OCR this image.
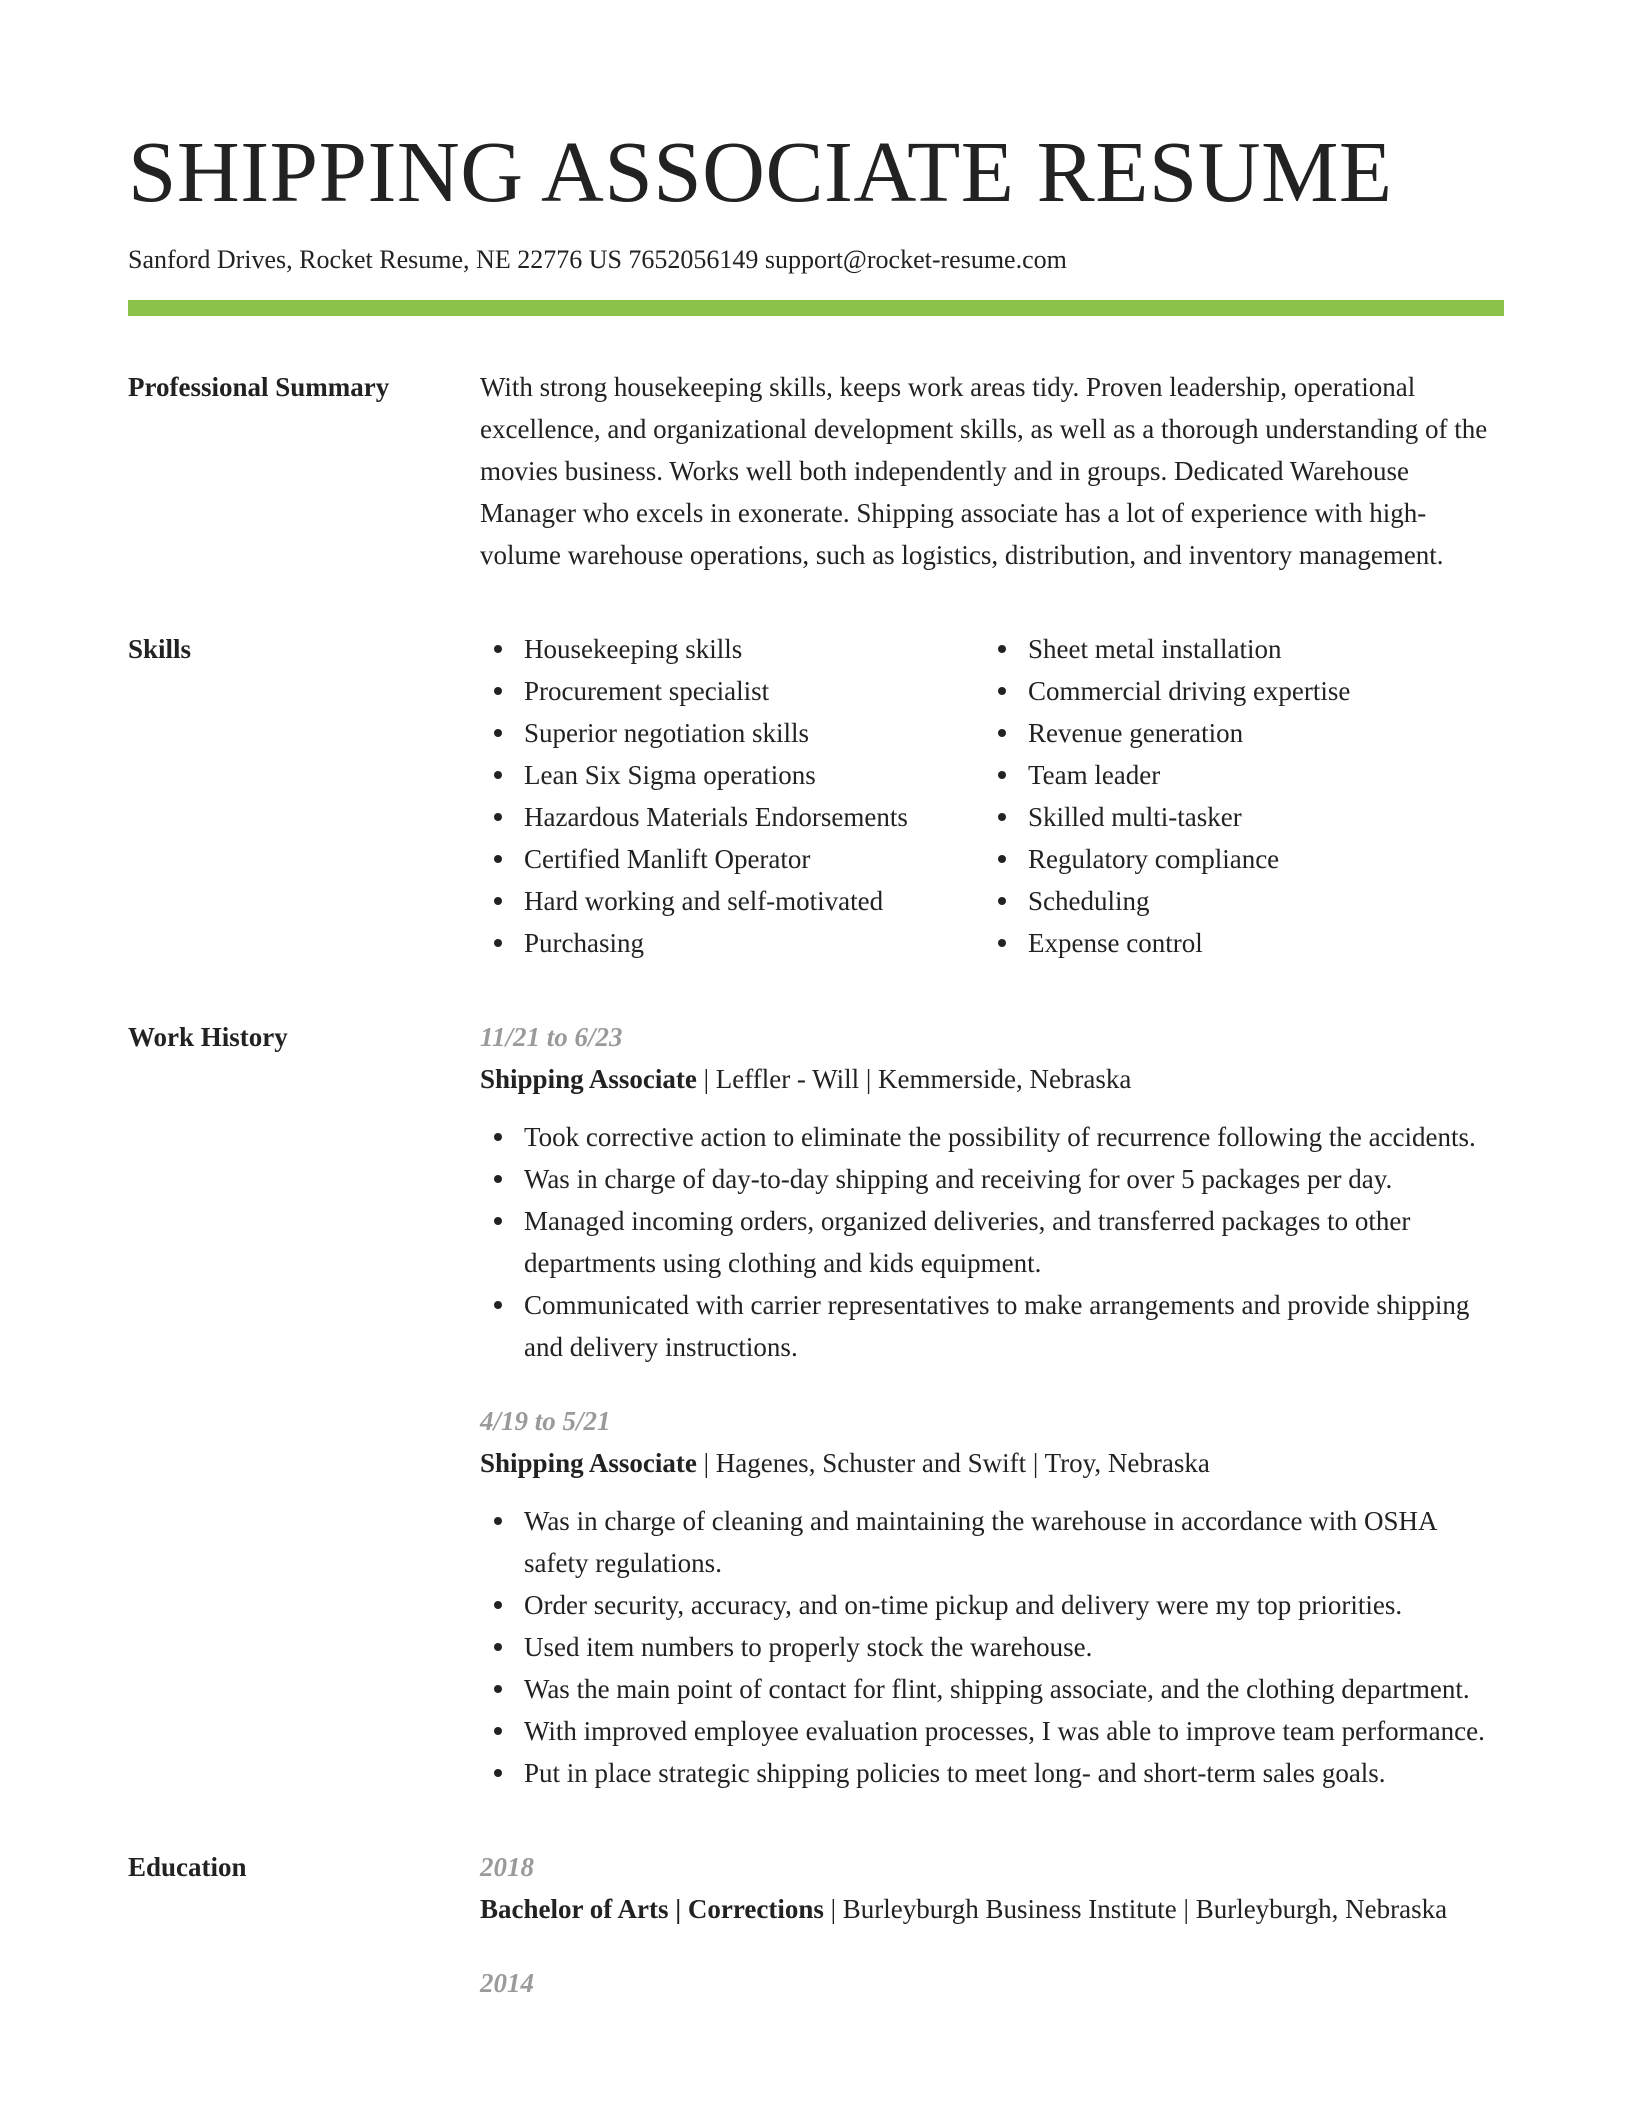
SHIPPING ASSOCIATE RESUME
Sanford Drives, Rocket Resume, NE 22776 US 7652056149 support@rocket-resume.com
Professional Summary	With strong housekeeping skills, keeps work areas tidy. Proven leadership, operational excellence, and organizational development skills, as well as a thorough understanding of the movies business. Works well both independently and in groups. Dedicated Warehouse Manager who excels in exonerate. Shipping associate has a lot of experience with high-volume warehouse operations, such as logistics, distribution, and inventory management.

Skills	Housekeeping skills
Procurement specialist
Superior negotiation skills
Lean Six Sigma operations
Hazardous Materials Endorsements
Certified Manlift Operator
Hard working and self-motivated
Purchasing
Sheet metal installation
Commercial driving expertise
Revenue generation
Team leader
Skilled multi-tasker
Regulatory compliance
Scheduling
Expense control
Work History	11/21 to 6/23
Shipping Associate | Leffler - Will | Kemmerside, Nebraska
Took corrective action to eliminate the possibility of recurrence following the accidents.
Was in charge of day-to-day shipping and receiving for over 5 packages per day.
Managed incoming orders, organized deliveries, and transferred packages to other departments using clothing and kids equipment.
Communicated with carrier representatives to make arrangements and provide shipping and delivery instructions.
4/19 to 5/21
Shipping Associate | Hagenes, Schuster and Swift | Troy, Nebraska
Was in charge of cleaning and maintaining the warehouse in accordance with OSHA safety regulations.
Order security, accuracy, and on-time pickup and delivery were my top priorities.
Used item numbers to properly stock the warehouse.
Was the main point of contact for flint, shipping associate, and the clothing department.
With improved employee evaluation processes, I was able to improve team performance.
Put in place strategic shipping policies to meet long- and short-term sales goals.
Education	2018
Bachelor of Arts | Corrections | Burleyburgh Business Institute | Burleyburgh, Nebraska
2014
